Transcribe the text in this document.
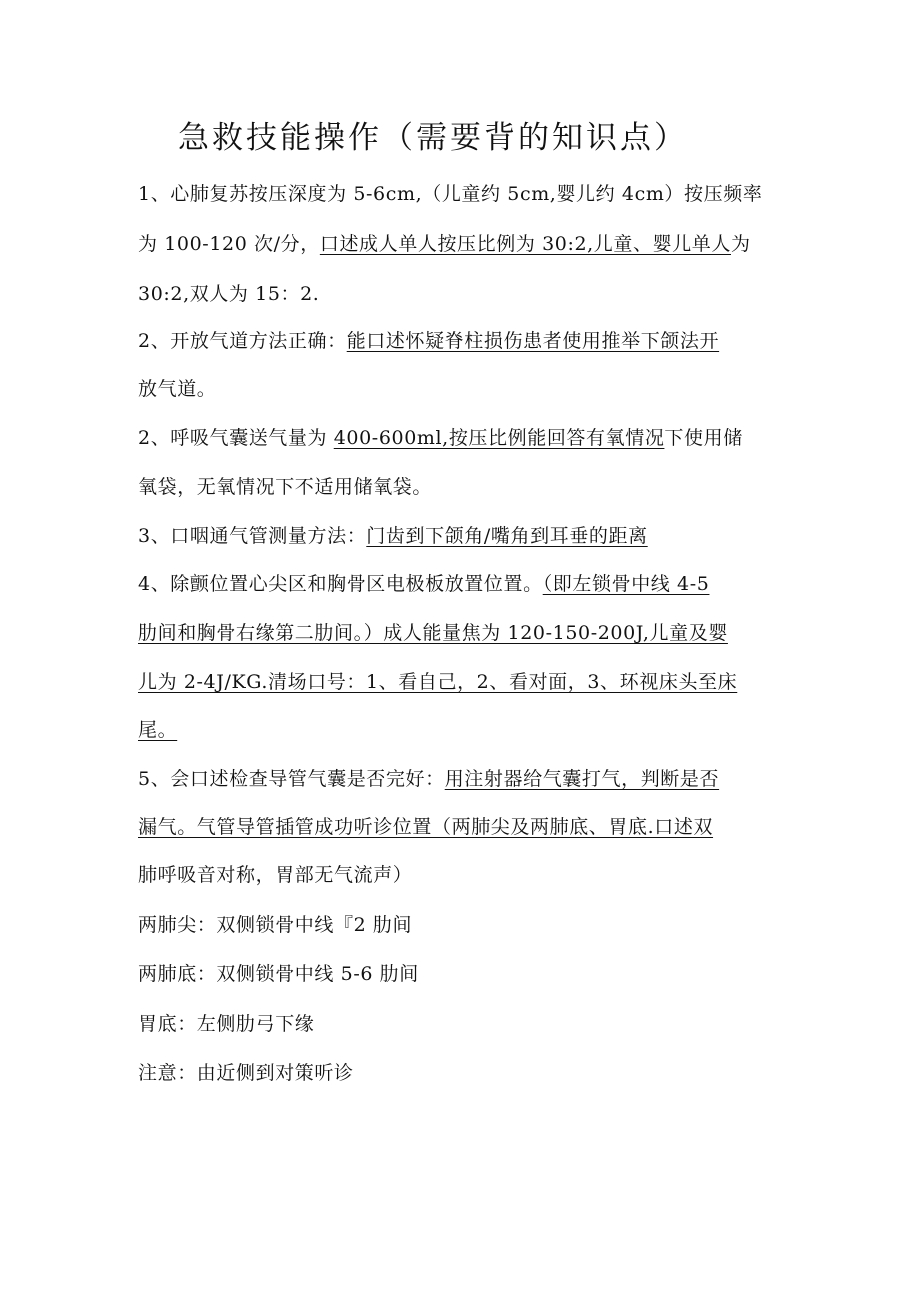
急救技能操作（需要背的知识点）
1、心肺复苏按压深度为 5-6cm,（儿童约 5cm,婴儿约 4cm）按压频率
为 100-120 次/分，口述成人单人按压比例为 30:2,儿童、婴儿单人为
30:2,双人为 15：2.
2、开放气道方法正确：能口述怀疑脊柱损伤患者使用推举下颌法开
放气道。
2、呼吸气囊送气量为 400-600ml,按压比例能回答有氧情况下使用储
氧袋，无氧情况下不适用储氧袋。
3、口咽通气管测量方法：门齿到下颌角/嘴角到耳垂的距离
4、除颤位置心尖区和胸骨区电极板放置位置。（即左锁骨中线 4-5
肋间和胸骨右缘第二肋间。）成人能量焦为 120-150-200J,儿童及婴
儿为 2-4J/KG.清场口号：1、看自己，2、看对面，3、环视床头至床
尾。
5、会口述检查导管气囊是否完好：用注射器给气囊打气，判断是否
漏气。气管导管插管成功听诊位置（两肺尖及两肺底、胃底.口述双
肺呼吸音对称，胃部无气流声）
两肺尖：双侧锁骨中线『2 肋间
两肺底：双侧锁骨中线 5-6 肋间
胃底：左侧肋弓下缘
注意：由近侧到对策听诊
